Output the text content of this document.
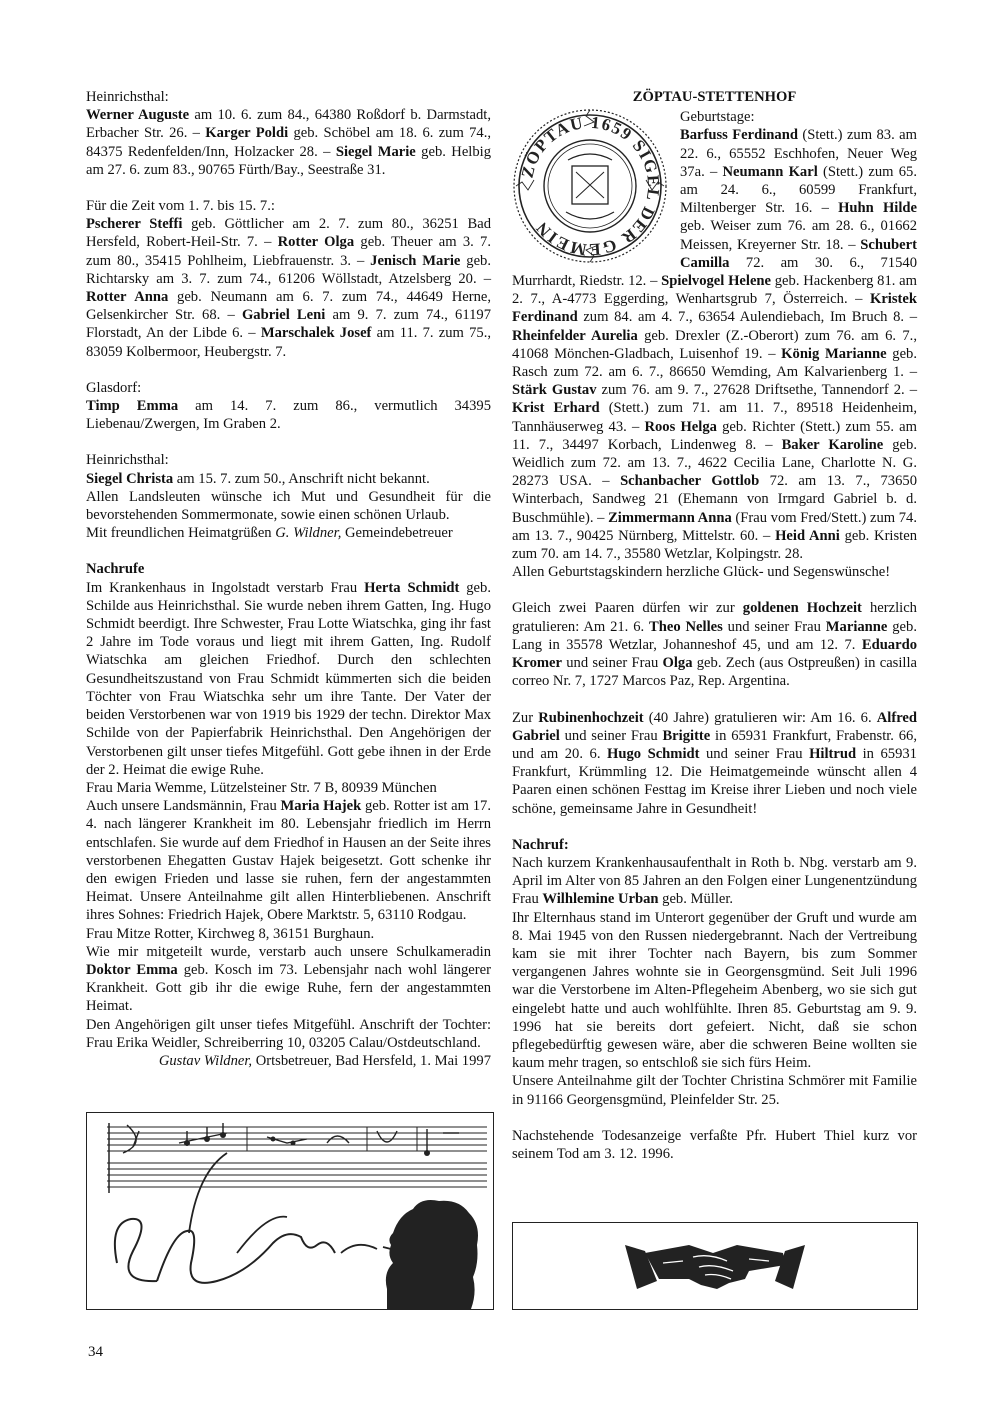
Heinrichsthal:

Werner Auguste am 10. 6. zum 84., 64380 Roßdorf b. Darmstadt, Erbacher Str. 26. – Karger Poldi geb. Schöbel am 18. 6. zum 74., 84375 Redenfelden/Inn, Holzacker 28. – Siegel Marie geb. Helbig am 27. 6. zum 83., 90765 Fürth/Bay., Seestraße 31.

Für die Zeit vom 1. 7. bis 15. 7.:

Pscherer Steffi geb. Göttlicher am 2. 7. zum 80., 36251 Bad Hersfeld, Robert-Heil-Str. 7. – Rotter Olga geb. Theuer am 3. 7. zum 80., 35415 Pohlheim, Liebfrauenstr. 3. – Jenisch Marie geb. Richtarsky am 3. 7. zum 74., 61206 Wöllstadt, Atzelsberg 20. – Rotter Anna geb. Neumann am 6. 7. zum 74., 44649 Herne, Gelsenkircher Str. 68. – Gabriel Leni am 9. 7. zum 74., 61197 Florstadt, An der Libde 6. – Marschalek Josef am 11. 7. zum 75., 83059 Kolbermoor, Heubergstr. 7.

Glasdorf:

Timp Emma am 14. 7. zum 86., vermutlich 34395 Liebenau/Zwergen, Im Graben 2.

Heinrichsthal:

Siegel Christa am 15. 7. zum 50., Anschrift nicht bekannt.

Allen Landsleuten wünsche ich Mut und Gesundheit für die bevorstehenden Sommermonate, sowie einen schönen Urlaub.

Mit freundlichen Heimatgrüßen G. Wildner, Gemeindebetreuer

Nachrufe

Im Krankenhaus in Ingolstadt verstarb Frau Herta Schmidt geb. Schilde aus Heinrichsthal. Sie wurde neben ihrem Gatten, Ing. Hugo Schmidt beerdigt. Ihre Schwester, Frau Lotte Wiatschka, ging ihr fast 2 Jahre im Tode voraus und liegt mit ihrem Gatten, Ing. Rudolf Wiatschka am gleichen Friedhof. Durch den schlechten Gesundheitszustand von Frau Schmidt kümmerten sich die beiden Töchter von Frau Wiatschka sehr um ihre Tante. Der Vater der beiden Verstorbenen war von 1919 bis 1929 der techn. Direktor Max Schilde von der Papierfabrik Heinrichsthal. Den Angehörigen der Verstorbenen gilt unser tiefes Mitgefühl. Gott gebe ihnen in der Erde der 2. Heimat die ewige Ruhe.

Frau Maria Wemme, Lützelsteiner Str. 7 B, 80939 München

Auch unsere Landsmännin, Frau Maria Hajek geb. Rotter ist am 17. 4. nach längerer Krankheit im 80. Lebensjahr friedlich im Herrn entschlafen. Sie wurde auf dem Friedhof in Hausen an der Seite ihres verstorbenen Ehegatten Gustav Hajek beigesetzt. Gott schenke ihr den ewigen Frieden und lasse sie ruhen, fern der angestammten Heimat. Unsere Anteilnahme gilt allen Hinterbliebenen. Anschrift ihres Sohnes: Friedrich Hajek, Obere Marktstr. 5, 63110 Rodgau.

Frau Mitze Rotter, Kirchweg 8, 36151 Burghaun.

Wie mir mitgeteilt wurde, verstarb auch unsere Schulkameradin Doktor Emma geb. Kosch im 73. Lebensjahr nach wohl längerer Krankheit. Gott gib ihr die ewige Ruhe, fern der angestammten Heimat.

Den Angehörigen gilt unser tiefes Mitgefühl. Anschrift der Tochter: Frau Erika Weidler, Schreiberring 10, 03205 Calau/Ostdeutschland.

Gustav Wildner, Ortsbetreuer, Bad Hersfeld, 1. Mai 1997

ZÖPTAU-STETTENHOF

ZÖPTAU 1659 SIGEL DER GEMEIN

Geburtstage:

Barfuss Ferdinand (Stett.) zum 83. am 22. 6., 65552 Eschhofen, Neuer Weg 37a. – Neumann Karl (Stett.) zum 65. am 24. 6., 60599 Frankfurt, Miltenberger Str. 16. – Huhn Hilde geb. Weiser zum 76. am 28. 6., 01662 Meissen, Kreyerner Str. 18. – Schubert Camilla 72. am 30. 6., 71540 Murrhardt, Riedstr. 12. – Spielvogel Helene geb. Hackenberg 81. am 2. 7., A-4773 Eggerding, Wenhartsgrub 7, Österreich. – Kristek Ferdinand zum 84. am 4. 7., 63654 Aulendiebach, Im Bruch 8. – Rheinfelder Aurelia geb. Drexler (Z.-Oberort) zum 76. am 6. 7., 41068 Mönchen-Gladbach, Luisenhof 19. – König Marianne geb. Rasch zum 72. am 6. 7., 86650 Wemding, Am Kalvarienberg 1. – Stärk Gustav zum 76. am 9. 7., 27628 Driftsethe, Tannendorf 2. – Krist Erhard (Stett.) zum 71. am 11. 7., 89518 Heidenheim, Tannhäuserweg 43. – Roos Helga geb. Richter (Stett.) zum 55. am 11. 7., 34497 Korbach, Lindenweg 8. – Baker Karoline geb. Weidlich zum 72. am 13. 7., 4622 Cecilia Lane, Charlotte N. G. 28273 USA. – Schanbacher Gottlob 72. am 13. 7., 73650 Winterbach, Sandweg 21 (Ehemann von Irmgard Gabriel b. d. Buschmühle). – Zimmermann Anna (Frau vom Fred/Stett.) zum 74. am 13. 7., 90425 Nürnberg, Mittelstr. 60. – Heid Anni geb. Kristen zum 70. am 14. 7., 35580 Wetzlar, Kolpingstr. 28.

Allen Geburtstagskindern herzliche Glück- und Segenswünsche!

Gleich zwei Paaren dürfen wir zur goldenen Hochzeit herzlich gratulieren: Am 21. 6. Theo Nelles und seiner Frau Marianne geb. Lang in 35578 Wetzlar, Johanneshof 45, und am 12. 7. Eduardo Kromer und seiner Frau Olga geb. Zech (aus Ostpreußen) in casilla correo Nr. 7, 1727 Marcos Paz, Rep. Argentina.

Zur Rubinenhochzeit (40 Jahre) gratulieren wir: Am 16. 6. Alfred Gabriel und seiner Frau Brigitte in 65931 Frankfurt, Frabenstr. 66, und am 20. 6. Hugo Schmidt und seiner Frau Hiltrud in 65931 Frankfurt, Krümmling 12. Die Heimatgemeinde wünscht allen 4 Paaren einen schönen Festtag im Kreise ihrer Lieben und noch viele schöne, gemeinsame Jahre in Gesundheit!

Nachruf:

Nach kurzem Krankenhausaufenthalt in Roth b. Nbg. verstarb am 9. April im Alter von 85 Jahren an den Folgen einer Lungenentzündung Frau Wilhlemine Urban geb. Müller.

Ihr Elternhaus stand im Unterort gegenüber der Gruft und wurde am 8. Mai 1945 von den Russen niedergebrannt. Nach der Vertreibung kam sie mit ihrer Tochter nach Bayern, bis zum Sommer vergangenen Jahres wohnte sie in Georgensgmünd. Seit Juli 1996 war die Verstorbene im Alten-Pflegeheim Abenberg, wo sie sich gut eingelebt hatte und auch wohlfühlte. Ihren 85. Geburtstag am 9. 9. 1996 hat sie bereits dort gefeiert. Nicht, daß sie schon pflegebedürftig gewesen wäre, aber die schweren Beine wollten sie kaum mehr tragen, so entschloß sie sich fürs Heim.

Unsere Anteilnahme gilt der Tochter Christina Schmörer mit Familie in 91166 Georgensgmünd, Pleinfelder Str. 25.

Nachstehende Todesanzeige verfaßte Pfr. Hubert Thiel kurz vor seinem Tod am 3. 12. 1996.

34
